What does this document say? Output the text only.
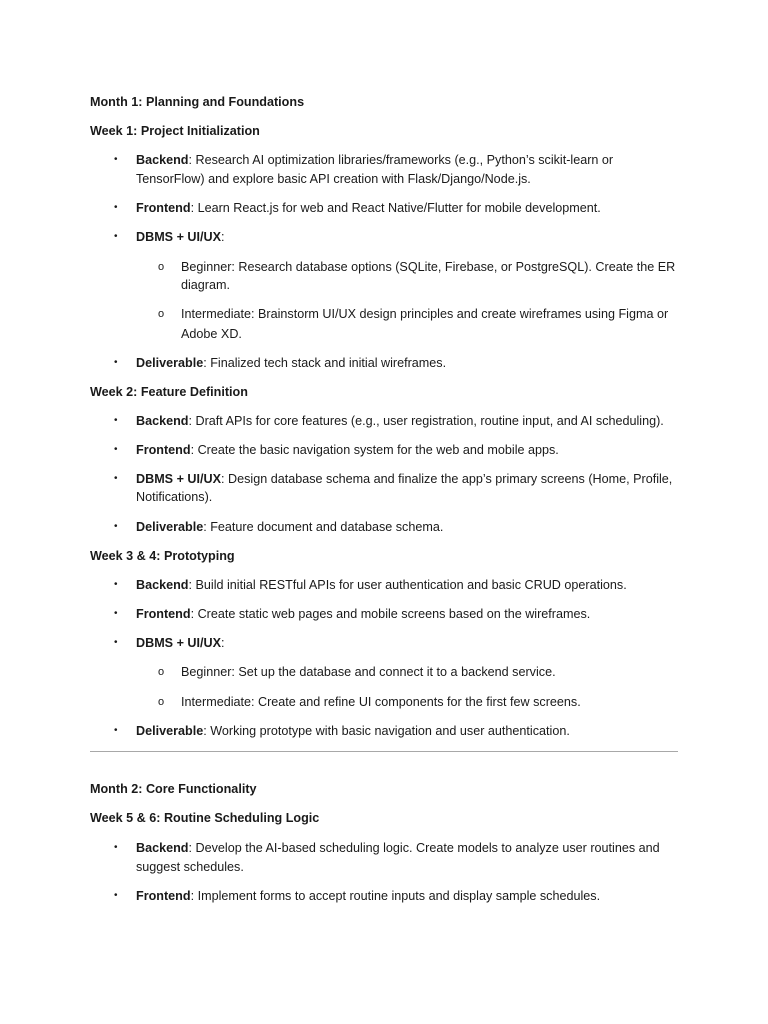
Month 1: Planning and Foundations
Week 1: Project Initialization
• Backend: Research AI optimization libraries/frameworks (e.g., Python’s scikit-learn or
TensorFlow) and explore basic API creation with Flask/Django/Node.js.
• Frontend: Learn React.js for web and React Native/Flutter for mobile development.
• DBMS + UI/UX:
o Beginner: Research database options (SQLite, Firebase, or PostgreSQL). Create the ER
diagram.
o Intermediate: Brainstorm UI/UX design principles and create wireframes using Figma or
Adobe XD.
• Deliverable: Finalized tech stack and initial wireframes.
Week 2: Feature Definition
• Backend: Draft APIs for core features (e.g., user registration, routine input, and AI scheduling).
• Frontend: Create the basic navigation system for the web and mobile apps.
• DBMS + UI/UX: Design database schema and finalize the app’s primary screens (Home, Profile,
Notifications).
• Deliverable: Feature document and database schema.
Week 3 & 4: Prototyping
• Backend: Build initial RESTful APIs for user authentication and basic CRUD operations.
• Frontend: Create static web pages and mobile screens based on the wireframes.
• DBMS + UI/UX:
o Beginner: Set up the database and connect it to a backend service.
o Intermediate: Create and refine UI components for the first few screens.
• Deliverable: Working prototype with basic navigation and user authentication.
Month 2: Core Functionality
Week 5 & 6: Routine Scheduling Logic
• Backend: Develop the AI-based scheduling logic. Create models to analyze user routines and
suggest schedules.
• Frontend: Implement forms to accept routine inputs and display sample schedules.
